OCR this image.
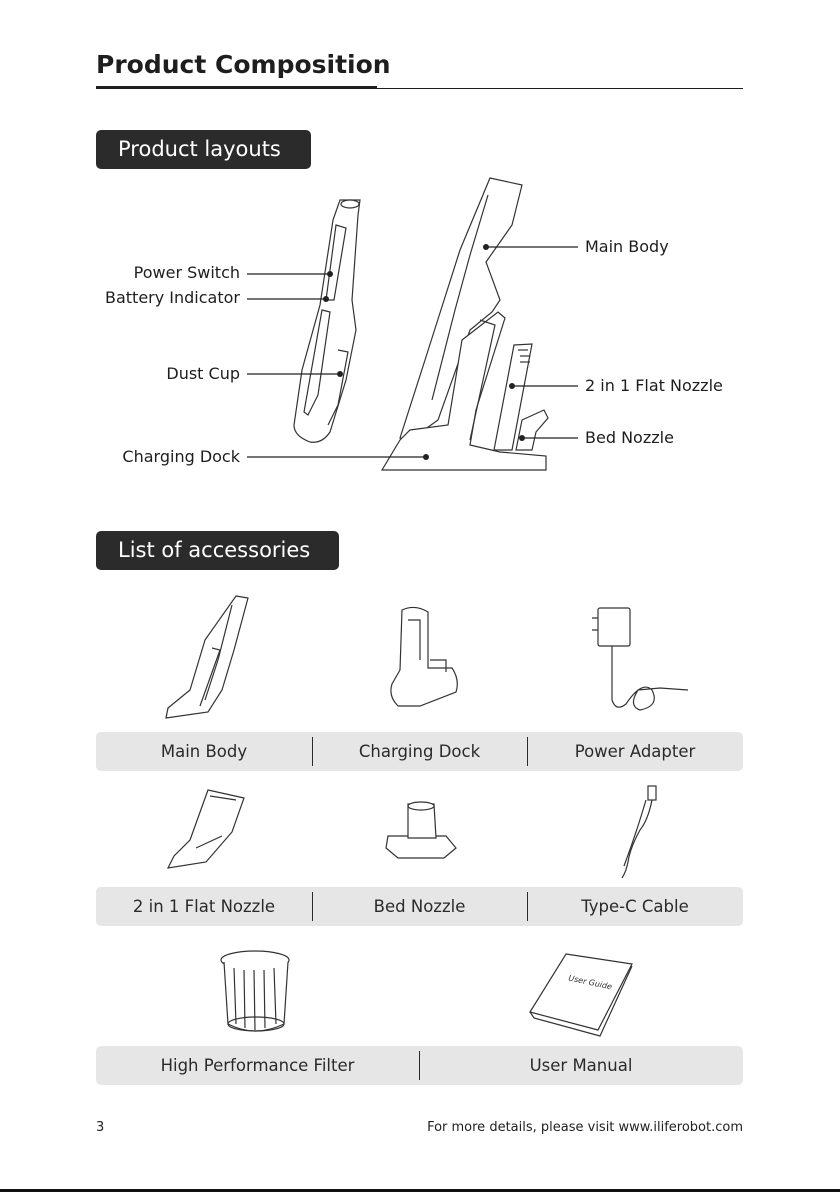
Product Composition
Product layouts
Power Switch
Battery Indicator
Dust Cup
Charging Dock
Main Body
2 in 1 Flat Nozzle
Bed Nozzle
List of accessories
User Guide
Main Body	Charging Dock	Power Adapter
2 in 1 Flat Nozzle	Bed Nozzle	Type-C Cable
High Performance Filter	User Manual
3	For more details, please visit www.iliferobot.com
